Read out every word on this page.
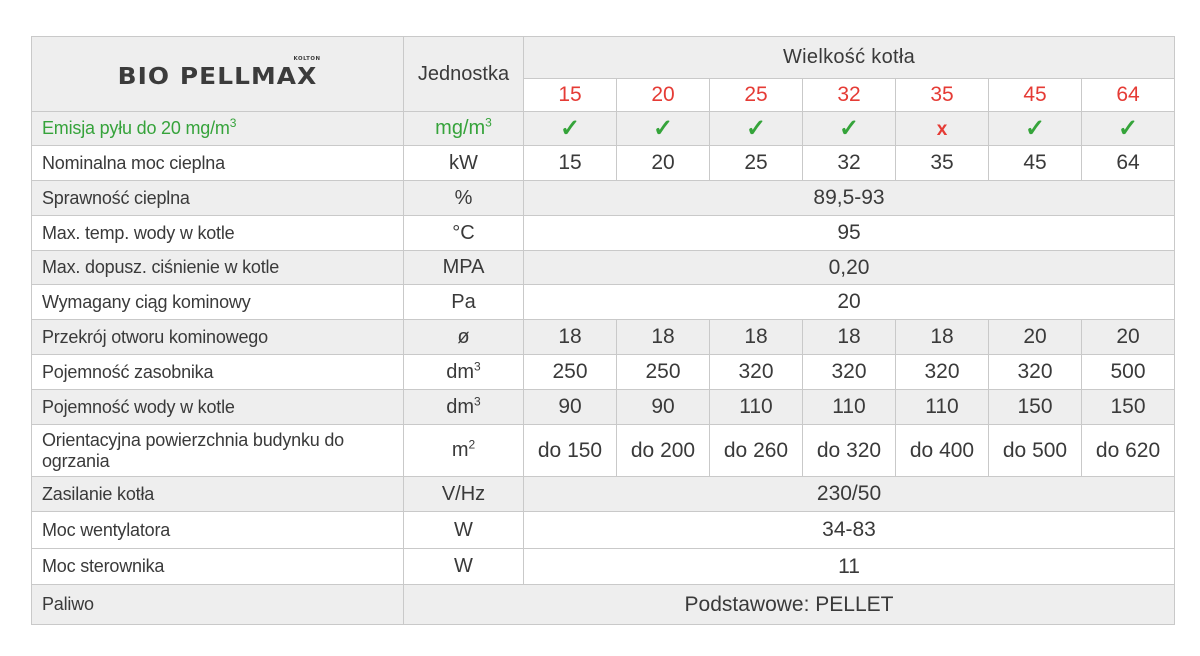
BIO PELLMAX
KOLTON	Jednostka	Wielkość kotła						
		15	20	25	32	35	45	64
Emisja pyłu do 20 $mg/m^3$	$mg/m^3$	✓	✓	✓	✓	x	✓	✓
Nominalna moc cieplna	kW	15	20	25	32	35	45	64
Sprawność cieplna	%	89,5-93						
Max. temp. wody w kotle	°C	95						
Max. dopusz. ciśnienie w kotle	MPA	0,20						
Wymagany ciąg kominowy	Pa	20						
Przekrój otworu kominowego	ø	18	18	18	18	18	20	20
Pojemność zasobnika	$dm^3$	250	250	320	320	320	320	500
Pojemność wody w kotle	$dm^3$	90	90	110	110	110	150	150
Orientacyjna powierzchnia budynku do ogrzania	$m^2$	do 150	do 200	do 260	do 320	do 400	do 500	do 620
Zasilanie kotła	V/Hz	230/50						
Moc wentylatora	W	34-83						
Moc sterownika	W	11						
Paliwo	Podstawowe: PELLET							
